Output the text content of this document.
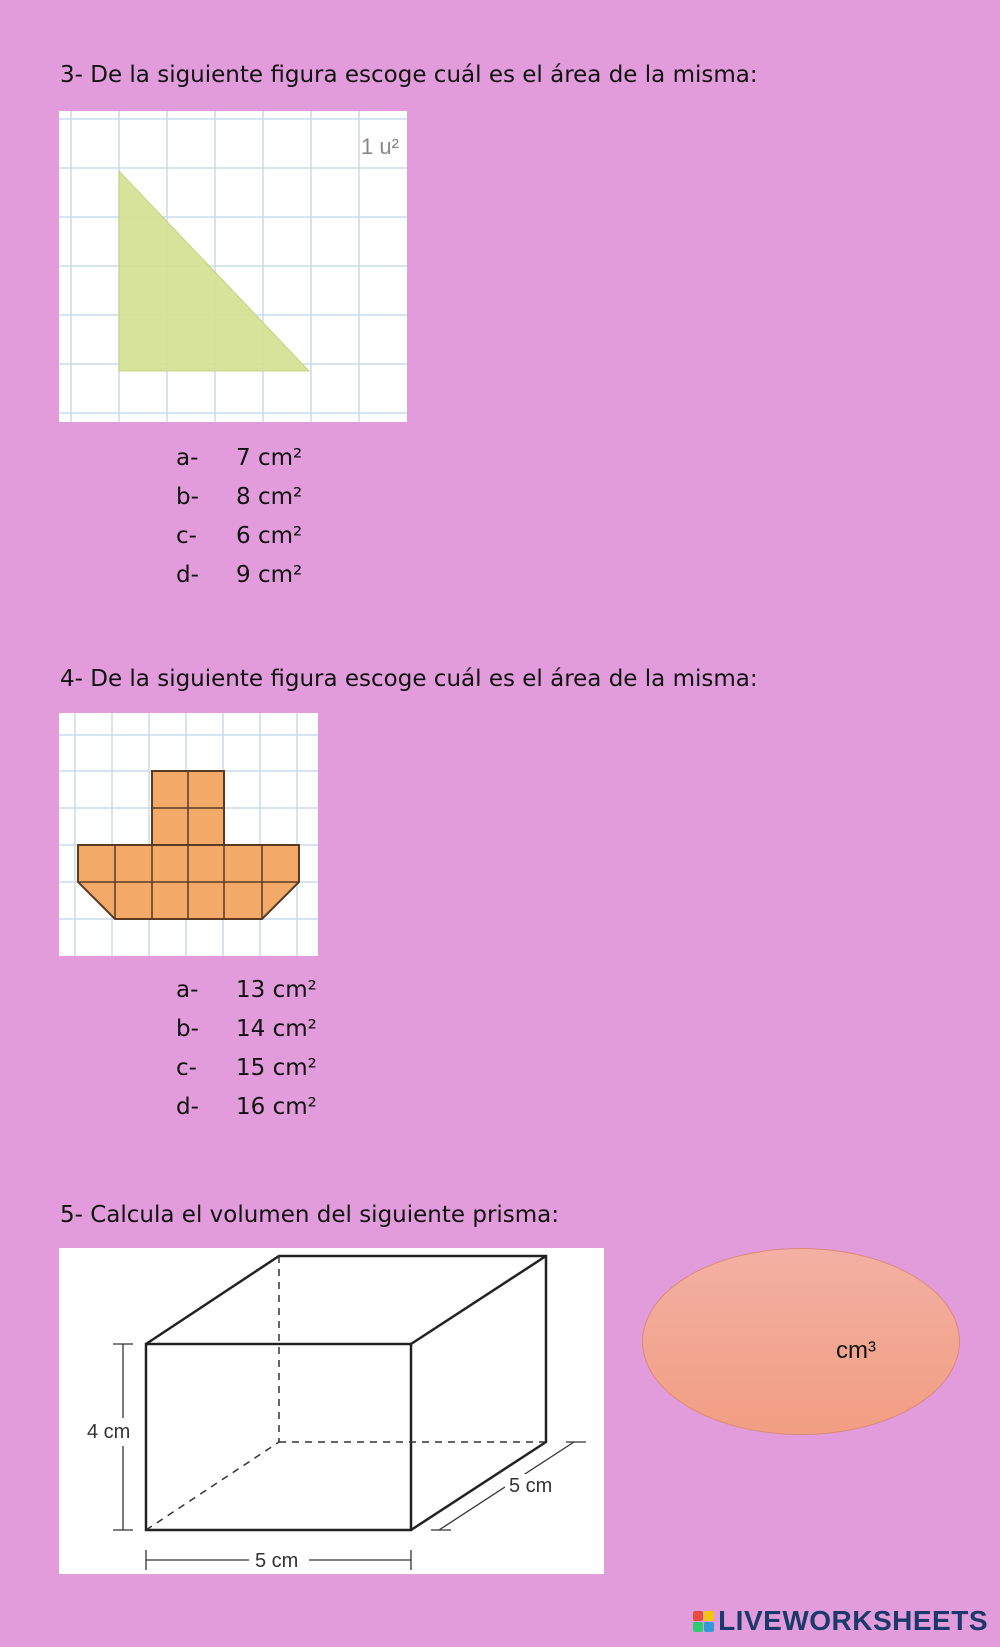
3- De la siguiente figura escoge cuál es el área de la misma:
1 u²
a-	7 cm²
b-	8 cm²
c-	6 cm²
d-	9 cm²
4- De la siguiente figura escoge cuál es el área de la misma:
a-	13 cm²
b-	14 cm²
c-	15 cm²
d-	16 cm²
5- Calcula el volumen del siguiente prisma:
4 cm
5 cm
5 cm
cm³
LIVEWORKSHEETS
